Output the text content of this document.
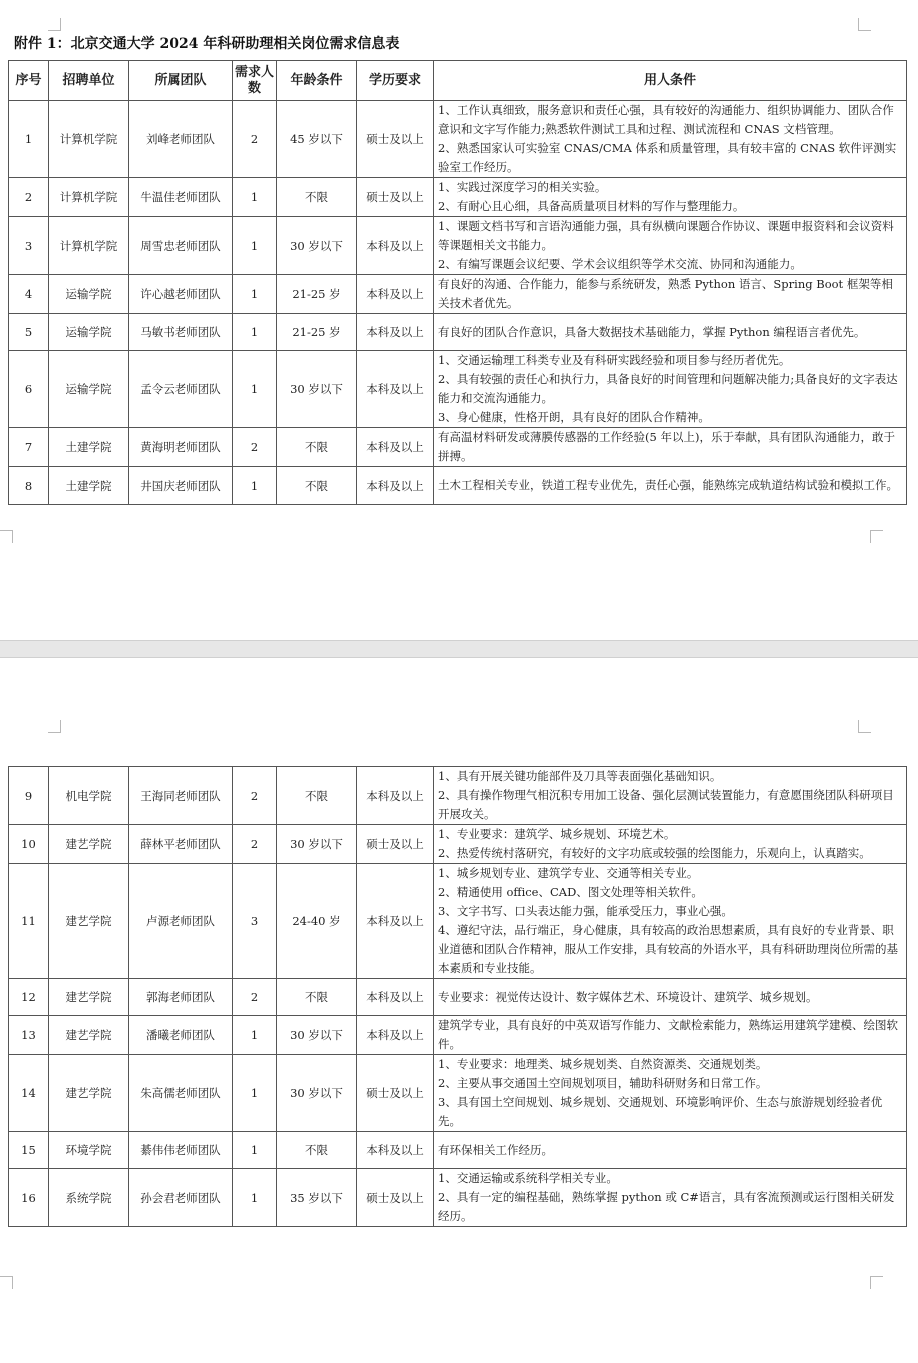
附件 1：北京交通大学 2024 年科研助理相关岗位需求信息表
序号	招聘单位	所属团队	需求人数	年龄条件	学历要求	用人条件
1	计算机学院	刘峰老师团队	2	45 岁以下	硕士及以上	1、工作认真细致，服务意识和责任心强，具有较好的沟通能力、组织协调能力、团队合作意识和文字写作能力;熟悉软件测试工具和过程、测试流程和 CNAS 文档管理。
2、熟悉国家认可实验室 CNAS/CMA 体系和质量管理，具有较丰富的 CNAS 软件评测实验室工作经历。

2	计算机学院	牛温佳老师团队	1	不限	硕士及以上	1、实践过深度学习的相关实验。
2、有耐心且心细，具备高质量项目材料的写作与整理能力。

3	计算机学院	周雪忠老师团队	1	30 岁以下	本科及以上	1、课题文档书写和言语沟通能力强，具有纵横向课题合作协议、课题申报资料和会议资料等课题相关文书能力。
2、有编写课题会议纪要、学术会议组织等学术交流、协同和沟通能力。

4	运输学院	许心越老师团队	1	21-25 岁	本科及以上	有良好的沟通、合作能力，能参与系统研发，熟悉 Python 语言、Spring Boot 框架等相关技术者优先。

5	运输学院	马敏书老师团队	1	21-25 岁	本科及以上	有良好的团队合作意识，具备大数据技术基础能力，掌握 Python 编程语言者优先。

6	运输学院	孟令云老师团队	1	30 岁以下	本科及以上	1、交通运输理工科类专业及有科研实践经验和项目参与经历者优先。
2、具有较强的责任心和执行力，具备良好的时间管理和问题解决能力;具备良好的文字表达能力和交流沟通能力。
3、身心健康，性格开朗，具有良好的团队合作精神。

7	土建学院	黄海明老师团队	2	不限	本科及以上	有高温材料研发或薄膜传感器的工作经验(5 年以上)，乐于奉献，具有团队沟通能力，敢于拼搏。

8	土建学院	井国庆老师团队	1	不限	本科及以上	土木工程相关专业，铁道工程专业优先，责任心强，能熟练完成轨道结构试验和模拟工作。
9	机电学院	王海同老师团队	2	不限	本科及以上	1、具有开展关键功能部件及刀具等表面强化基础知识。
2、具有操作物理气相沉积专用加工设备、强化层测试装置能力，有意愿围绕团队科研项目开展攻关。

10	建艺学院	薛林平老师团队	2	30 岁以下	硕士及以上	1、专业要求：建筑学、城乡规划、环境艺术。
2、热爱传统村落研究，有较好的文字功底或较强的绘图能力，乐观向上，认真踏实。

11	建艺学院	卢源老师团队	3	24-40 岁	本科及以上	1、城乡规划专业、建筑学专业、交通等相关专业。
2、精通使用 office、CAD、图文处理等相关软件。
3、文字书写、口头表达能力强，能承受压力，事业心强。
4、遵纪守法，品行端正，身心健康，具有较高的政治思想素质，具有良好的专业背景、职业道德和团队合作精神，服从工作安排，具有较高的外语水平，具有科研助理岗位所需的基本素质和专业技能。

12	建艺学院	郭海老师团队	2	不限	本科及以上	专业要求：视觉传达设计、数字媒体艺术、环境设计、建筑学、城乡规划。

13	建艺学院	潘曦老师团队	1	30 岁以下	本科及以上	建筑学专业，具有良好的中英双语写作能力、文献检索能力，熟练运用建筑学建模、绘图软件。

14	建艺学院	朱高儒老师团队	1	30 岁以下	硕士及以上	1、专业要求：地理类、城乡规划类、自然资源类、交通规划类。
2、主要从事交通国土空间规划项目，辅助科研财务和日常工作。
3、具有国土空间规划、城乡规划、交通规划、环境影响评价、生态与旅游规划经验者优先。

15	环境学院	綦伟伟老师团队	1	不限	本科及以上	有环保相关工作经历。

16	系统学院	孙会君老师团队	1	35 岁以下	硕士及以上	1、交通运输或系统科学相关专业。
2、具有一定的编程基础，熟练掌握 python 或 C#语言，具有客流预测或运行图相关研发经历。
